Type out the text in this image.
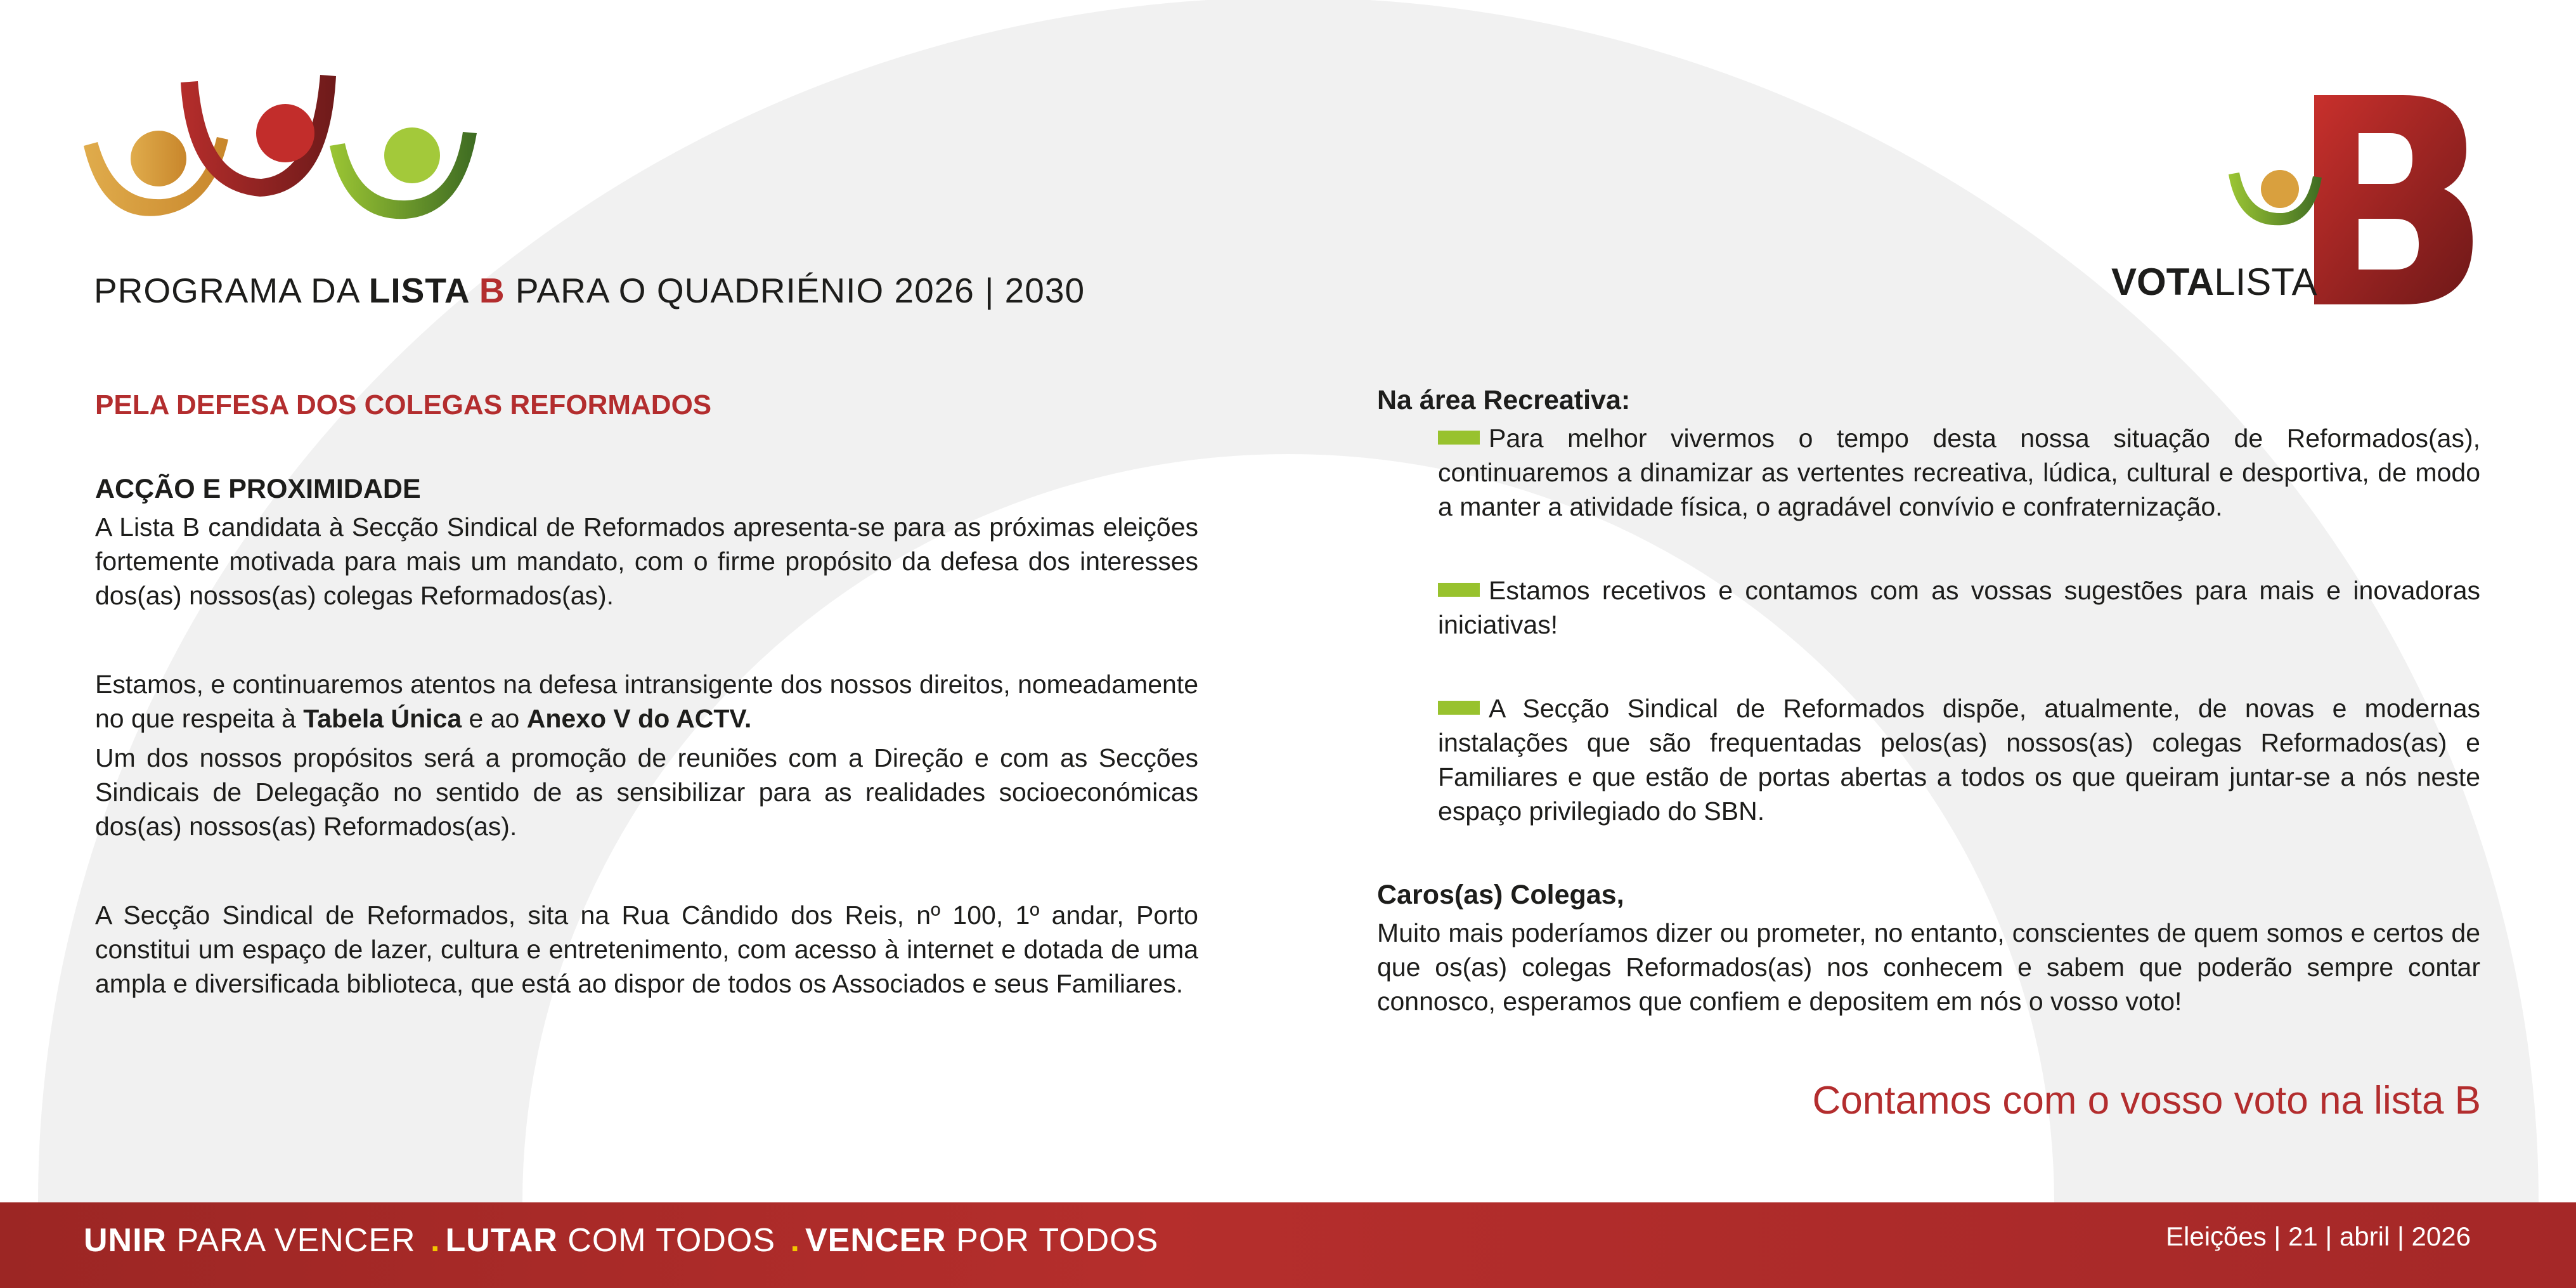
PROGRAMA DA LISTA B PARA O QUADRIÉNIO 2026 | 2030	VOTALISTA
PELA DEFESA DOS COLEGAS REFORMADOS
ACÇÃO E PROXIMIDADE

A Lista B candidata à Secção Sindical de Reformados apresenta-se para as próximas eleições fortemente motivada para mais um mandato, com o firme propósito da defesa dos interesses dos(as) nossos(as) colegas Reformados(as).

Estamos, e continuaremos atentos na defesa intransigente dos nossos direitos, nomeadamente no que respeita à Tabela Única e ao Anexo V do ACTV.

Um dos nossos propósitos será a promoção de reuniões com a Direção e com as Secções Sindicais de Delegação no sentido de as sensibilizar para as realidades socioeconómicas dos(as) nossos(as) Reformados(as).

A Secção Sindical de Reformados, sita na Rua Cândido dos Reis, nº 100, 1º andar, Porto constitui um espaço de lazer, cultura e entretenimento, com acesso à internet e dotada de uma ampla e diversificada biblioteca, que está ao dispor de todos os Associados e seus Familiares.

Na área Recreativa:

Para melhor vivermos o tempo desta nossa situação de Reformados(as), continuaremos a dinamizar as vertentes recreativa, lúdica, cultural e desportiva, de modo a manter a atividade física, o agradável convívio e confraternização.

Estamos recetivos e contamos com as vossas sugestões para mais e inovadoras iniciativas!

A Secção Sindical de Reformados dispõe, atualmente, de novas e modernas instalações que são frequentadas pelos(as) nossos(as) colegas Reformados(as) e Familiares e que estão de portas abertas a todos os que queiram juntar-se a nós neste espaço privilegiado do SBN.

Caros(as) Colegas,

Muito mais poderíamos dizer ou prometer, no entanto, conscientes de quem somos e certos de que os(as) colegas Reformados(as) nos conhecem e sabem que poderão sempre contar connosco, esperamos que confiem e depositem em nós o vosso voto!

Contamos com o vosso voto na lista B
UNIR PARA VENCER . LUTAR COM TODOS . VENCER POR TODOS	Eleições | 21 | abril | 2026
